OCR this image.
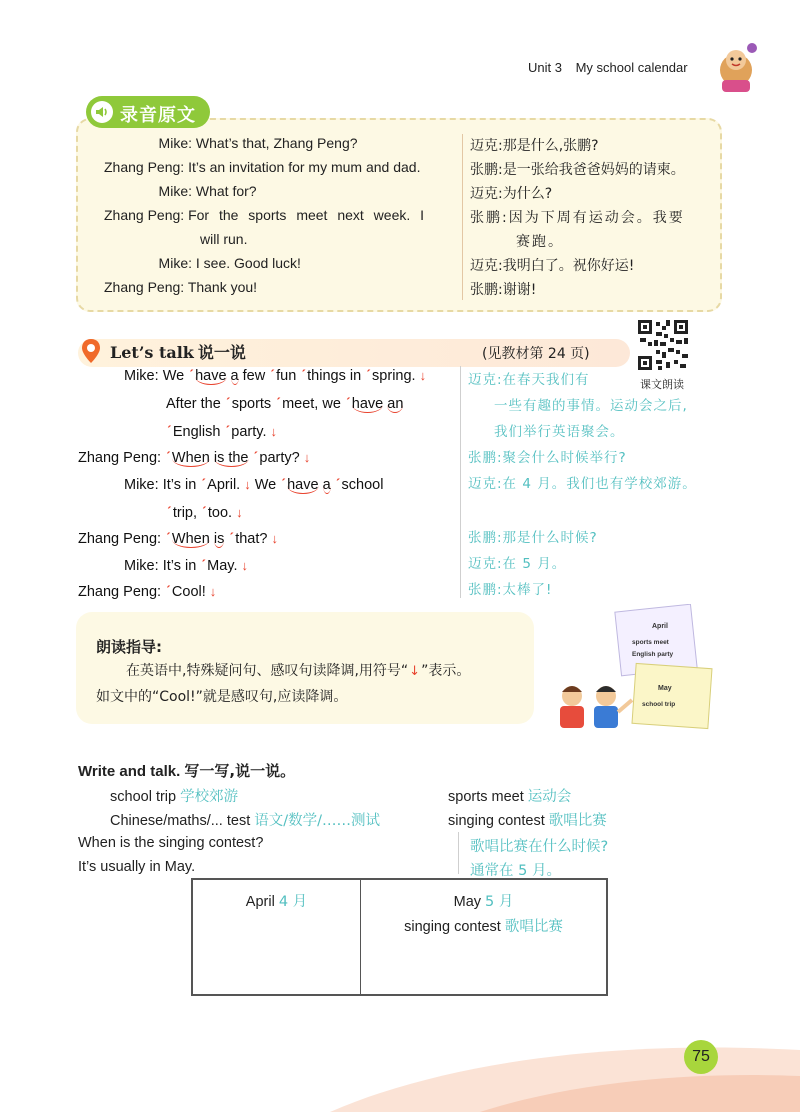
Unit 3 My school calendar
录音原文
Mike: What’s that, Zhang Peng?
Zhang Peng: It’s an invitation for my mum and dad.
Mike: What for?
Zhang Peng: For the sports meet next week. I
will run.
Mike: I see. Good luck!
Zhang Peng: Thank you!
迈克:那是什么,张鹏?
张鹏:是一张给我爸爸妈妈的请柬。
迈克:为什么?
张鹏:因为下周有运动会。我要
赛跑。
迈克:我明白了。祝你好运!
张鹏:谢谢!
Let’s talk 说一说	(见教材第 24 页)
课文朗读
Mike: We ˊhave a few ˊfun ˊthings in ˊspring. ↓
After the ˊsports ˊmeet, we ˊhave an
ˊEnglish ˊparty. ↓
Zhang Peng: ˊWhen is the ˊparty? ↓
Mike: It’s in ˊApril. ↓ We ˊhave a ˊschool
ˊtrip, ˊtoo. ↓
Zhang Peng: ˊWhen is ˊthat? ↓
Mike: It’s in ˊMay. ↓
Zhang Peng: ˊCool! ↓
迈克:在春天我们有
一些有趣的事情。运动会之后,
我们举行英语聚会。
张鹏:聚会什么时候举行?
迈克:在 4 月。我们也有学校郊游。
张鹏:那是什么时候?
迈克:在 5 月。
张鹏:太棒了!
朗读指导:
在英语中,特殊疑问句、感叹句读降调,用符号“↓”表示。
如文中的“Cool!”就是感叹句,应读降调。
April
sports meet
English party
May
school trip
Write and talk. 写一写,说一说。
school trip 学校郊游	sports meet 运动会
Chinese/maths/... test 语文/数学/……测试	singing contest 歌唱比赛
When is the singing contest?
It’s usually in May.
歌唱比赛在什么时候?
通常在 5 月。
April 4 月	May 5 月
singing contest 歌唱比赛
75
